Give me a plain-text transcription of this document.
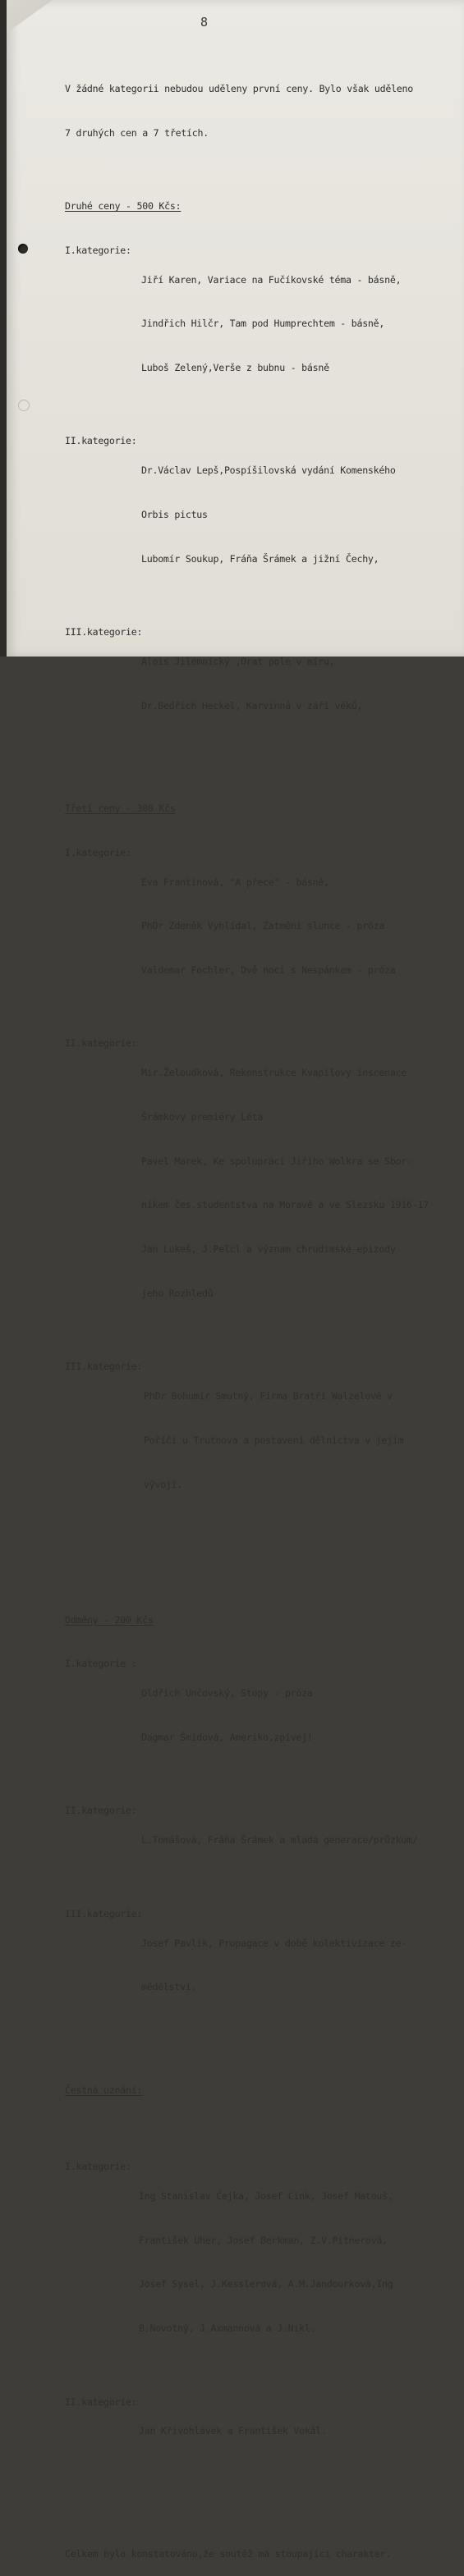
8

V žádné kategorii nebudou uděleny první ceny. Bylo však uděleno

7 druhých cen a 7 třetích.

Druhé ceny - 500 Kčs:

I.kategorie:

Jiří Karen, Variace na Fučíkovské téma - básně,

Jindřich Hilčr, Tam pod Humprechtem - básně,

Luboš Zelený,Verše z bubnu - básně

II.kategorie:

Dr.Václav Lepš,Pospíšilovská vydání Komenského

Orbis pictus

Lubomír Soukup, Fráňa Šrámek a jižní Čechy,

III.kategorie:

Alois Jilemnický ,Orat pole v míru,

Dr.Bedřich Heckel, Karvinná v záři věků,

Třetí ceny - 300 Kčs

I.kategorie:

Eva Frantinová, "A přece" - básně,

PhDr Zdeněk Vyhlídal, Zatmění slunce - próza

Valdemar Fochler, Dvě noci s Nespánkem - próza

II.kategorie:

Mir.Želoudková, Rekonstrukce Kvapilovy inscenace

Šrámkovy premiéry Léta

Pavel Marek, Ke spolupráci Jiřího Wolkra se Sbor-

níkem čes.studentstva na Moravě a ve Slezsku 1916-17

Jan Lukeš, J.Pelcl a význam chrudimské epizody

jeho Rozhledů

III.kategorie:

PhDr Bohumír Smutný, Firma Bratří Walzelové v

Poříčí u Trutnova a postavení dělnictva v jejím

vývoji.

Odměny - 200 Kčs

I.kategorie :

Oldřich Unčovský, Stopy - próza

Dagmar Šmídová, Ameriko,zpívej!

II.kategorie:

L.Tomášová, Fráňa Šrámek a mladá generace/průzkum/

III.kategorie:

Josef Pavlík, Propagace v době kolektivizace ze-

mědělství.

Čestná uznání:

I.kategorie:

Ing Stanislav Čejka, Josef Cink, Josef Matouš,

František Uher, Josef Berkman, Z.V.Pitnerová,

Josef Sysel, J.Kesslerová, A.M.Jandourková,Ing

B.Novotný, J.Axmannová a J.Nikl.

II.kategorie:

Jan Křivohlávek a František Vokál.

Celkem bylo konstatováno,že soutěž má stoupající charakter.
